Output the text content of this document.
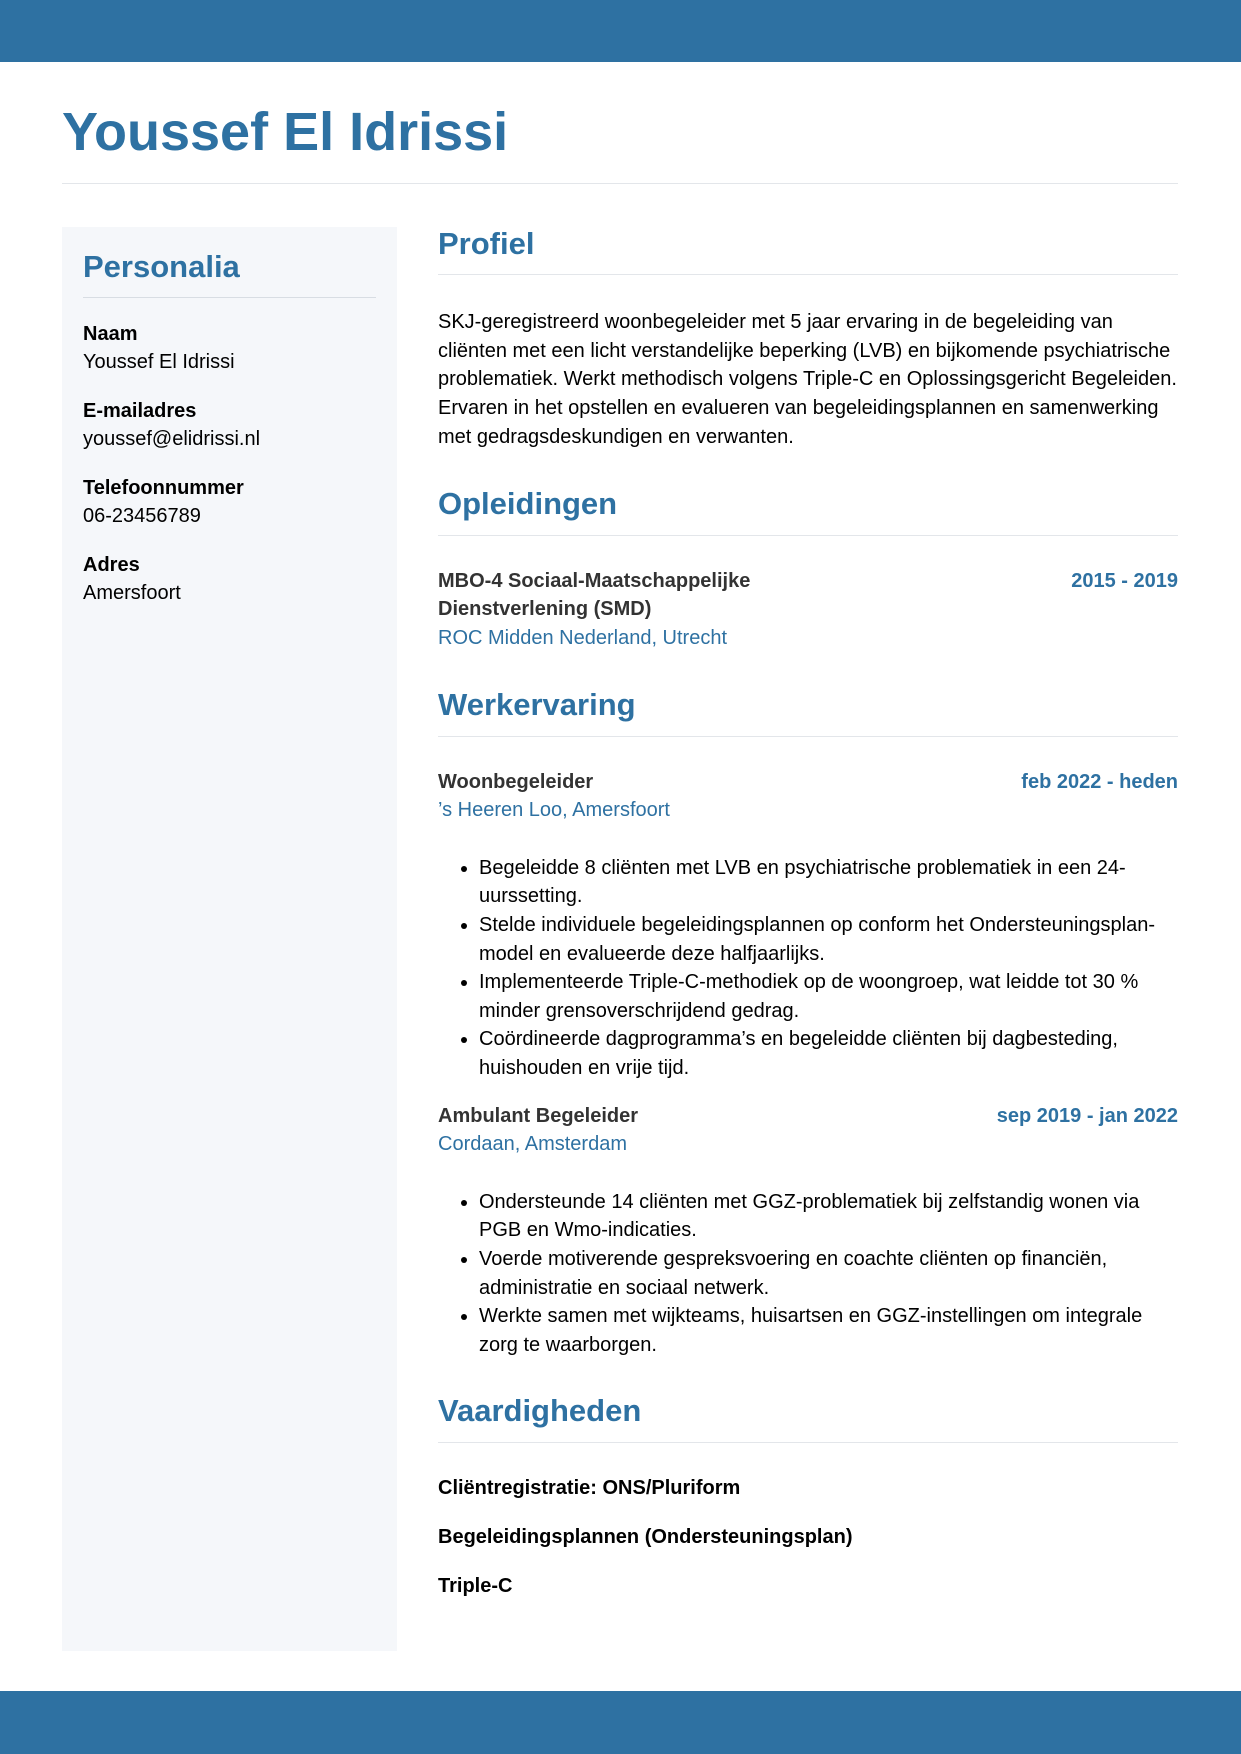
Youssef El Idrissi
Personalia
Naam
Youssef El Idrissi
E-mailadres
youssef@elidrissi.nl
Telefoonnummer
06-23456789
Adres
Amersfoort
Profiel

SKJ-geregistreerd woonbegeleider met 5 jaar ervaring in de begeleiding van cliënten met een licht verstandelijke beperking (LVB) en bijkomende psychiatrische problematiek. Werkt methodisch volgens Triple-C en Oplossingsgericht Begeleiden. Ervaren in het opstellen en evalueren van begeleidingsplannen en samenwerking met gedragsdeskundigen en verwanten.

Opleidingen
MBO-4 Sociaal-Maatschappelijke Dienstverlening (SMD)
2015 - 2019
ROC Midden Nederland, Utrecht
Werkervaring
Woonbegeleider	feb 2022 - heden
’s Heeren Loo, Amersfoort
• Begeleidde 8 cliënten met LVB en psychiatrische problematiek in een 24-uurssetting.
• Stelde individuele begeleidingsplannen op conform het Ondersteuningsplan-model en evalueerde deze halfjaarlijks.
• Implementeerde Triple-C-methodiek op de woongroep, wat leidde tot 30 % minder grensoverschrijdend gedrag.
• Coördineerde dagprogramma’s en begeleidde cliënten bij dagbesteding, huishouden en vrije tijd.
Ambulant Begeleider	sep 2019 - jan 2022
Cordaan, Amsterdam
• Ondersteunde 14 cliënten met GGZ-problematiek bij zelfstandig wonen via PGB en Wmo-indicaties.
• Voerde motiverende gespreksvoering en coachte cliënten op financiën, administratie en sociaal netwerk.
• Werkte samen met wijkteams, huisartsen en GGZ-instellingen om integrale zorg te waarborgen.
Vaardigheden
Cliëntregistratie: ONS/Pluriform
Begeleidingsplannen (Ondersteuningsplan)
Triple-C
